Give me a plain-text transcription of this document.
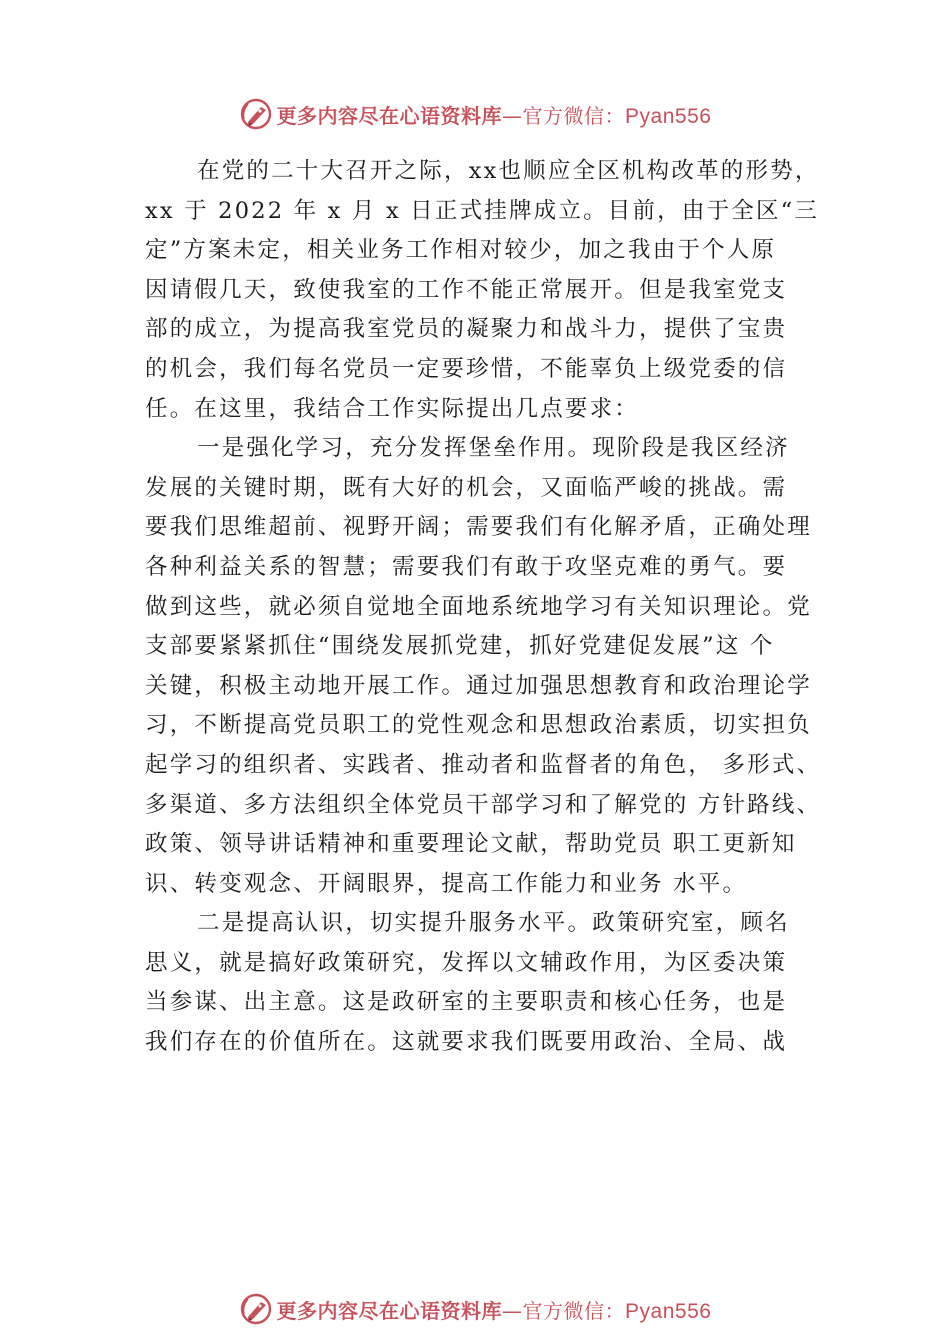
更多内容尽在心语资料库—官方微信：Pyan556
在党的二十大召开之际，xx也顺应全区机构改革的形势，
xx 于 2022 年 x 月 x 日正式挂牌成立。目前，由于全区“三
定”方案未定，相关业务工作相对较少，加之我由于个人原
因请假几天，致使我室的工作不能正常展开。但是我室党支
部的成立，为提高我室党员的凝聚力和战斗力，提供了宝贵
的机会，我们每名党员一定要珍惜，不能辜负上级党委的信
任。在这里，我结合工作实际提出几点要求：
一是强化学习，充分发挥堡垒作用。现阶段是我区经济
发展的关键时期，既有大好的机会，又面临严峻的挑战。需
要我们思维超前、视野开阔；需要我们有化解矛盾，正确处理
各种利益关系的智慧；需要我们有敢于攻坚克难的勇气。要
做到这些，就必须自觉地全面地系统地学习有关知识理论。党
支部要紧紧抓住“围绕发展抓党建，抓好党建促发展”这 个
关键，积极主动地开展工作。通过加强思想教育和政治理论学
习，不断提高党员职工的党性观念和思想政治素质，切实担负
起学习的组织者、实践者、推动者和监督者的角色， 多形式、
多渠道、多方法组织全体党员干部学习和了解党的 方针路线、
政策、领导讲话精神和重要理论文献，帮助党员 职工更新知
识、转变观念、开阔眼界，提高工作能力和业务 水平。
二是提高认识，切实提升服务水平。政策研究室，顾名
思义，就是搞好政策研究，发挥以文辅政作用，为区委决策
当参谋、出主意。这是政研室的主要职责和核心任务，也是
我们存在的价值所在。这就要求我们既要用政治、全局、战
更多内容尽在心语资料库—官方微信：Pyan556
